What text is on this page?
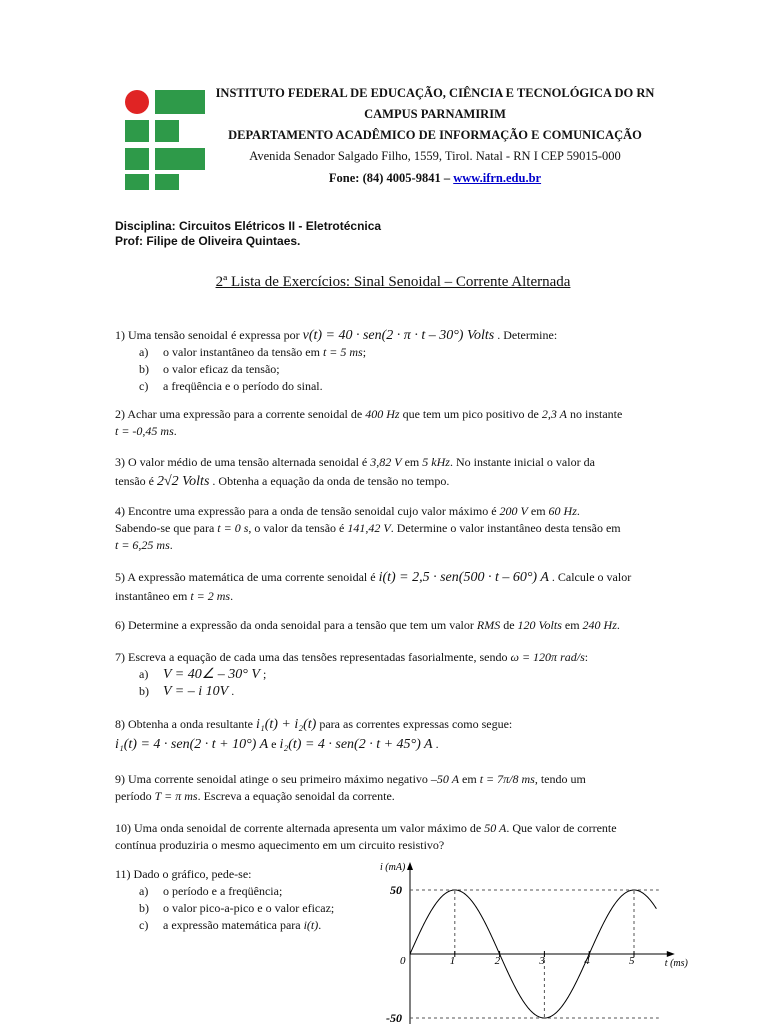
INSTITUTO FEDERAL DE EDUCAÇÃO, CIÊNCIA E TECNOLÓGICA DO RN
CAMPUS PARNAMIRIM
DEPARTAMENTO ACADÊMICO DE INFORMAÇÃO E COMUNICAÇÃO
Avenida Senador Salgado Filho, 1559, Tirol. Natal - RN I CEP 59015-000
Fone: (84) 4005-9841 – www.ifrn.edu.br
Disciplina: Circuitos Elétricos II - Eletrotécnica
Prof: Filipe de Oliveira Quintaes.
2ª Lista de Exercícios: Sinal Senoidal – Corrente Alternada
1) Uma tensão senoidal é expressa por v(t) = 40 · sen(2 · π · t – 30°) Volts . Determine:
a) o valor instantâneo da tensão em t = 5 ms;
b) o valor eficaz da tensão;
c) a freqüência e o período do sinal.
2) Achar uma expressão para a corrente senoidal de 400 Hz que tem um pico positivo de 2,3 A no instante
t = -0,45 ms.
3) O valor médio de uma tensão alternada senoidal é 3,82 V em 5 kHz. No instante inicial o valor da
tensão é 2√2 Volts . Obtenha a equação da onda de tensão no tempo.
4) Encontre uma expressão para a onda de tensão senoidal cujo valor máximo é 200 V em 60 Hz.
Sabendo-se que para t = 0 s, o valor da tensão é 141,42 V. Determine o valor instantâneo desta tensão em
t = 6,25 ms.
5) A expressão matemática de uma corrente senoidal é i(t) = 2,5 · sen(500 · t – 60°) A . Calcule o valor
instantâneo em t = 2 ms.
6) Determine a expressão da onda senoidal para a tensão que tem um valor RMS de 120 Volts em 240 Hz.
7) Escreva a equação de cada uma das tensões representadas fasorialmente, sendo ω = 120π rad/s:
a) V = 40∠ – 30° V ;
b) V = – i 10V .
8) Obtenha a onda resultante i₁(t) + i₂(t) para as correntes expressas como segue:
i₁(t) = 4 · sen(2 · t + 10°) A e i₂(t) = 4 · sen(2 · t + 45°) A .
9) Uma corrente senoidal atinge o seu primeiro máximo negativo –50 A em t = 7π/8 ms, tendo um
período T = π ms. Escreva a equação senoidal da corrente.
10) Uma onda senoidal de corrente alternada apresenta um valor máximo de 50 A. Que valor de corrente
contínua produziria o mesmo aquecimento em um circuito resistivo?
11) Dado o gráfico, pede-se:
a) o período e a freqüência;
b) o valor pico-a-pico e o valor eficaz;
c) a expressão matemática para i(t).
0	1	2	3	4	5
50
-50
i (mA)
t (ms)
